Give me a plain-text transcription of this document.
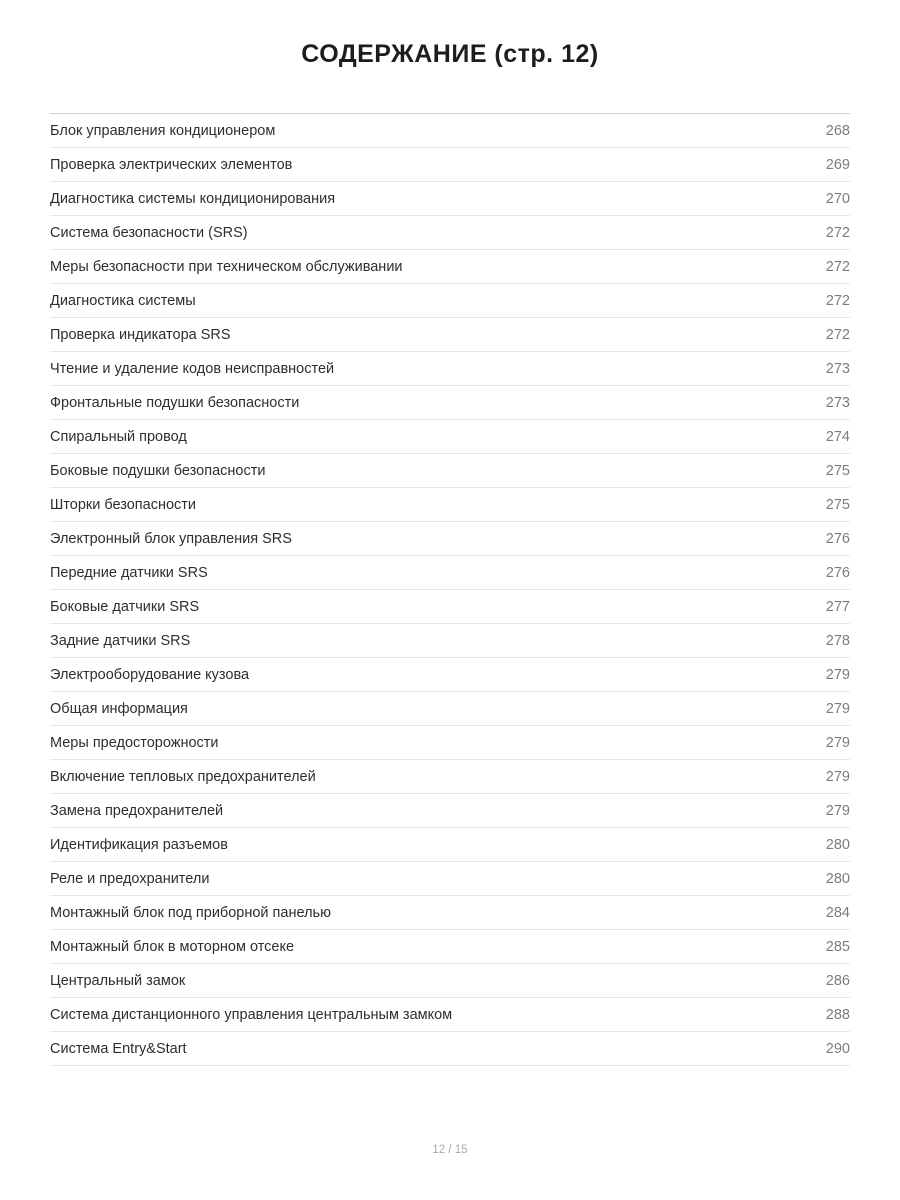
СОДЕРЖАНИЕ (стр. 12)
Блок управления кондиционером	268
Проверка электрических элементов	269
Диагностика системы кондиционирования	270
Система безопасности (SRS)	272
Меры безопасности при техническом обслуживании	272
Диагностика системы	272
Проверка индикатора SRS	272
Чтение и удаление кодов неисправностей	273
Фронтальные подушки безопасности	273
Спиральный провод	274
Боковые подушки безопасности	275
Шторки безопасности	275
Электронный блок управления SRS	276
Передние датчики SRS	276
Боковые датчики SRS	277
Задние датчики SRS	278
Электрооборудование кузова	279
Общая информация	279
Меры предосторожности	279
Включение тепловых предохранителей	279
Замена предохранителей	279
Идентификация разъемов	280
Реле и предохранители	280
Монтажный блок под приборной панелью	284
Монтажный блок в моторном отсеке	285
Центральный замок	286
Система дистанционного управления центральным замком	288
Система Entry&Start	290
12 / 15
